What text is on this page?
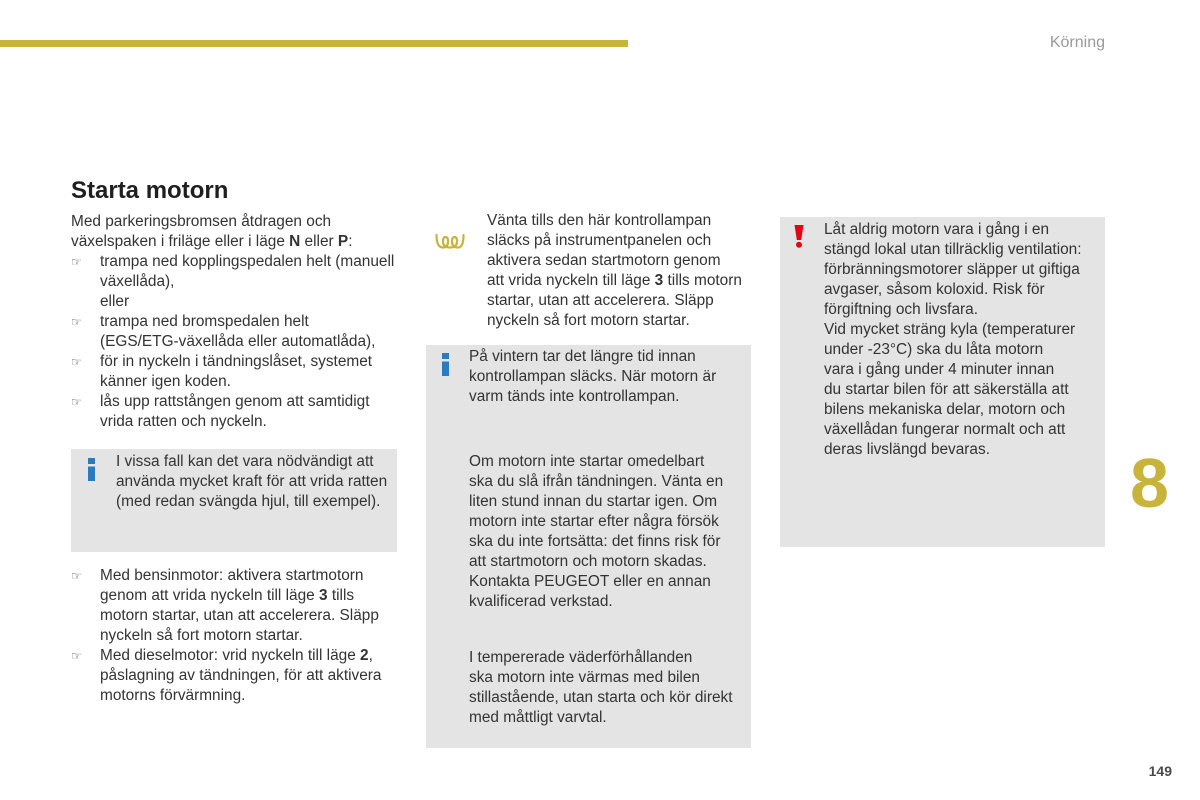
Körning
Starta motorn
Med parkeringsbromsen åtdragen och
växelspaken i friläge eller i läge N eller P:
☞
trampa ned kopplingspedalen helt (manuell
växellåda),
eller
☞
trampa ned bromspedalen helt
(EGS/ETG-växellåda eller automatlåda),
☞
för in nyckeln i tändningslåset, systemet
känner igen koden.
☞
lås upp rattstången genom att samtidigt
vrida ratten och nyckeln.
I vissa fall kan det vara nödvändigt att
använda mycket kraft för att vrida ratten
(med redan svängda hjul, till exempel).
☞
Med bensinmotor: aktivera startmotorn
genom att vrida nyckeln till läge 3 tills
motorn startar, utan att accelerera. Släpp
nyckeln så fort motorn startar.
☞
Med dieselmotor: vrid nyckeln till läge 2,
påslagning av tändningen, för att aktivera
motorns förvärmning.
Vänta tills den här kontrollampan
släcks på instrumentpanelen och
aktivera sedan startmotorn genom
att vrida nyckeln till läge 3 tills motorn
startar, utan att accelerera. Släpp
nyckeln så fort motorn startar.
På vintern tar det längre tid innan
kontrollampan släcks. När motorn är
varm tänds inte kontrollampan.
Om motorn inte startar omedelbart
ska du slå ifrån tändningen. Vänta en
liten stund innan du startar igen. Om
motorn inte startar efter några försök
ska du inte fortsätta: det finns risk för
att startmotorn och motorn skadas.
Kontakta PEUGEOT eller en annan
kvalificerad verkstad.
I tempererade väderförhållanden
ska motorn inte värmas med bilen
stillastående, utan starta och kör direkt
med måttligt varvtal.
Låt aldrig motorn vara i gång i en
stängd lokal utan tillräcklig ventilation:
förbränningsmotorer släpper ut giftiga
avgaser, såsom koloxid. Risk för
förgiftning och livsfara.
Vid mycket sträng kyla (temperaturer
under -23°C) ska du låta motorn
vara i gång under 4 minuter innan
du startar bilen för att säkerställa att
bilens mekaniska delar, motorn och
växellådan fungerar normalt och att
deras livslängd bevaras.	8
149
